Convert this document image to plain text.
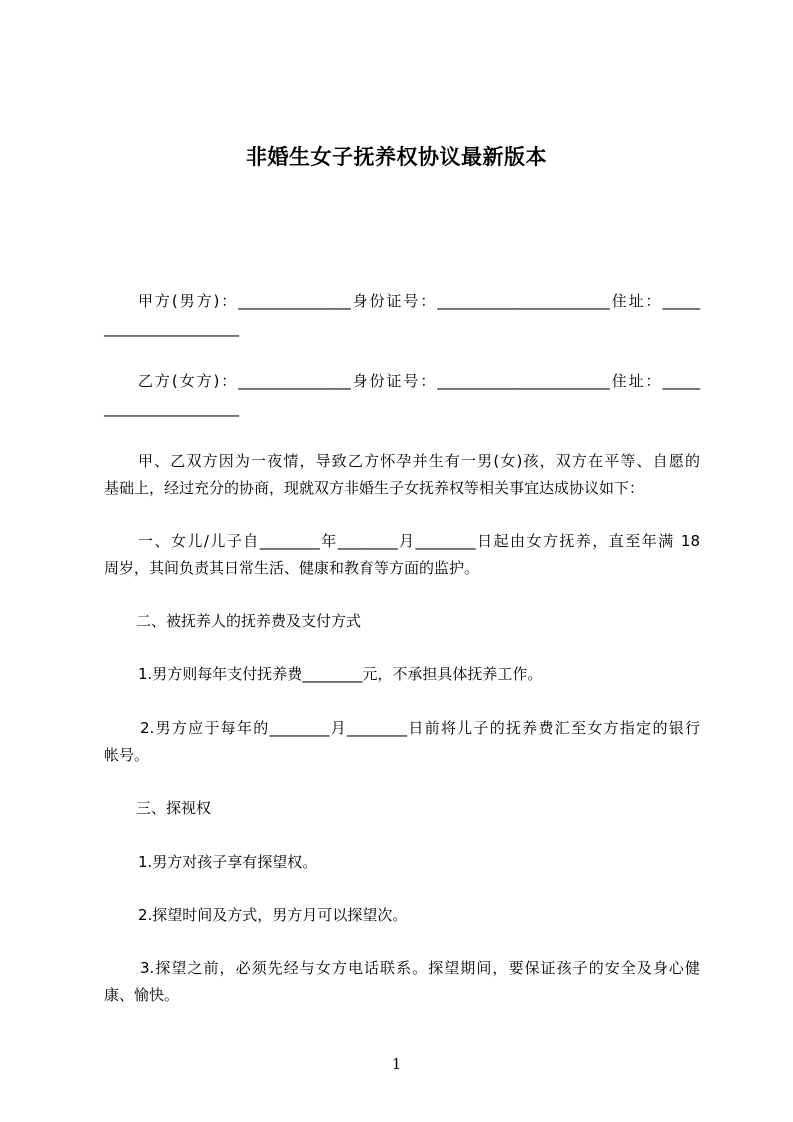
非婚生女子抚养权协议最新版本
甲方(男方)：_______________身份证号：_______________________住址：_____
__________________
乙方(女方)：_______________身份证号：_______________________住址：_____
__________________
甲、乙双方因为一夜情，导致乙方怀孕并生有一男(女)孩，双方在平等、自愿的
基础上，经过充分的协商，现就双方非婚生子女抚养权等相关事宜达成协议如下：
一、女儿/儿子自________年________月________日起由女方抚养，直至年满 18
周岁，其间负责其日常生活、健康和教育等方面的监护。
二、被抚养人的抚养费及支付方式
1.男方则每年支付抚养费________元，不承担具体抚养工作。
2.男方应于每年的________月________日前将儿子的抚养费汇至女方指定的银行
帐号。
三、探视权
1.男方对孩子享有探望权。
2.探望时间及方式，男方月可以探望次。
3.探望之前，必须先经与女方电话联系。探望期间，要保证孩子的安全及身心健
康、愉快。
1
